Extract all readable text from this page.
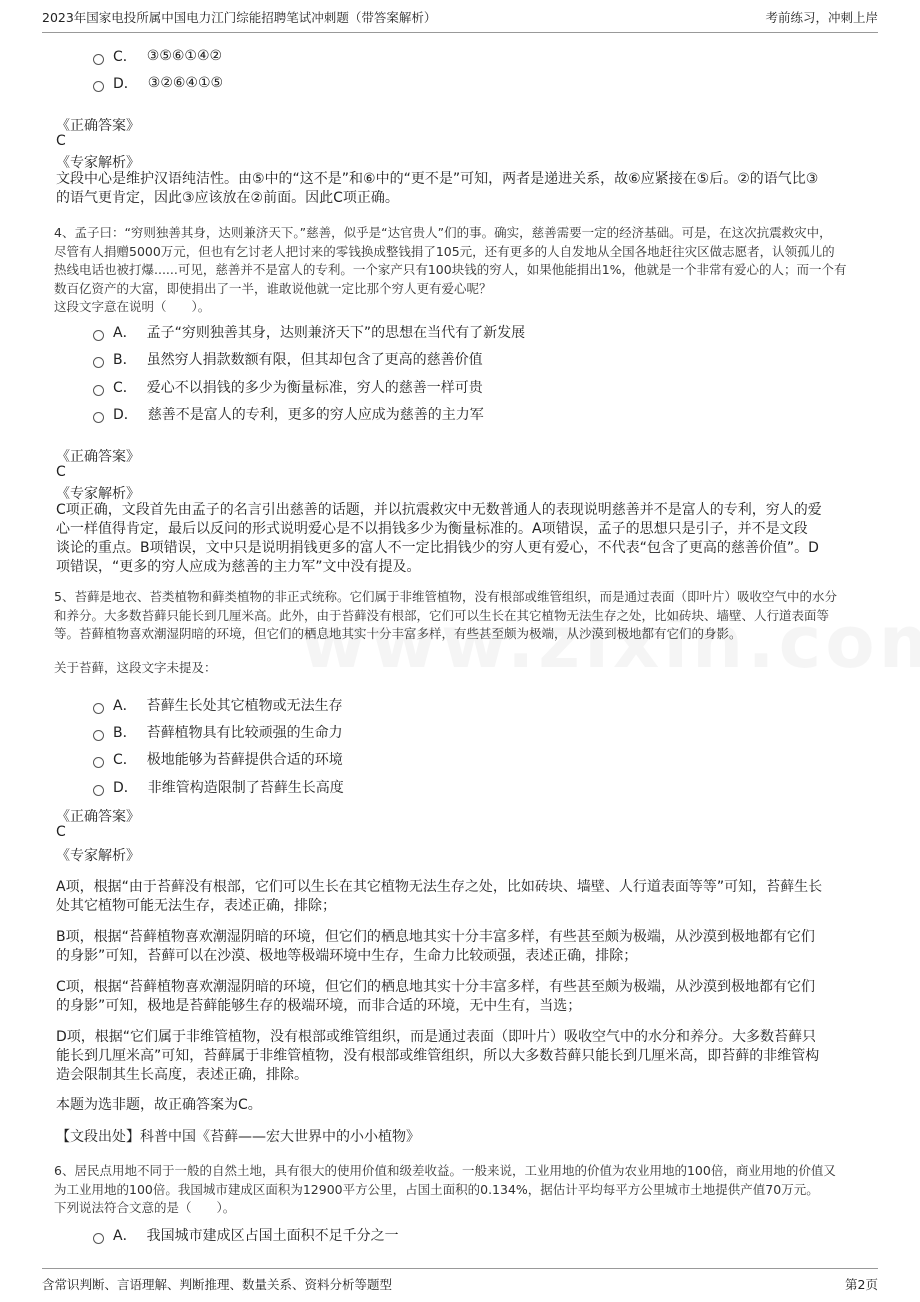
2023年国家电投所属中国电力江门综能招聘笔试冲刺题（带答案解析）	考前练习，冲刺上岸
C． ③⑤⑥①④②
D． ③②⑥④①⑤
《正确答案》
C
《专家解析》
文段中心是维护汉语纯洁性。由⑤中的“这不是”和⑥中的“更不是”可知，两者是递进关系，故⑥应紧接在⑤后。②的语气比③
的语气更肯定，因此③应该放在②前面。因此C项正确。
4、孟子曰：“穷则独善其身，达则兼济天下。”慈善，似乎是“达官贵人”们的事。确实，慈善需要一定的经济基础。可是，在这次抗震救灾中，
尽管有人捐赠5000万元，但也有乞讨老人把讨来的零钱换成整钱捐了105元，还有更多的人自发地从全国各地赶往灾区做志愿者，认领孤儿的
热线电话也被打爆......可见，慈善并不是富人的专利。一个家产只有100块钱的穷人，如果他能捐出1%，他就是一个非常有爱心的人；而一个有
数百亿资产的大富，即使捐出了一半，谁敢说他就一定比那个穷人更有爱心呢？
这段文字意在说明（　　）。
A． 孟子“穷则独善其身，达则兼济天下”的思想在当代有了新发展
B． 虽然穷人捐款数额有限，但其却包含了更高的慈善价值
C． 爱心不以捐钱的多少为衡量标准，穷人的慈善一样可贵
D． 慈善不是富人的专利，更多的穷人应成为慈善的主力军
《正确答案》
C
《专家解析》
C项正确，文段首先由孟子的名言引出慈善的话题，并以抗震救灾中无数普通人的表现说明慈善并不是富人的专利，穷人的爱
心一样值得肯定，最后以反问的形式说明爱心是不以捐钱多少为衡量标准的。A项错误，孟子的思想只是引子，并不是文段
谈论的重点。B项错误，文中只是说明捐钱更多的富人不一定比捐钱少的穷人更有爱心，不代表“包含了更高的慈善价值”。D
项错误，“更多的穷人应成为慈善的主力军”文中没有提及。
5、苔藓是地衣、苔类植物和藓类植物的非正式统称。它们属于非维管植物，没有根部或维管组织，而是通过表面（即叶片）吸收空气中的水分
和养分。大多数苔藓只能长到几厘米高。此外，由于苔藓没有根部，它们可以生长在其它植物无法生存之处，比如砖块、墙壁、人行道表面等
等。苔藓植物喜欢潮湿阴暗的环境，但它们的栖息地其实十分丰富多样，有些甚至颇为极端，从沙漠到极地都有它们的身影。
关于苔藓，这段文字未提及：
A． 苔藓生长处其它植物或无法生存
B． 苔藓植物具有比较顽强的生命力
C． 极地能够为苔藓提供合适的环境
D． 非维管构造限制了苔藓生长高度
《正确答案》
C
《专家解析》
A项，根据“由于苔藓没有根部，它们可以生长在其它植物无法生存之处，比如砖块、墙壁、人行道表面等等”可知，苔藓生长
处其它植物可能无法生存，表述正确，排除；
B项，根据“苔藓植物喜欢潮湿阴暗的环境，但它们的栖息地其实十分丰富多样，有些甚至颇为极端，从沙漠到极地都有它们
的身影”可知，苔藓可以在沙漠、极地等极端环境中生存，生命力比较顽强，表述正确，排除；
C项，根据“苔藓植物喜欢潮湿阴暗的环境，但它们的栖息地其实十分丰富多样，有些甚至颇为极端，从沙漠到极地都有它们
的身影”可知，极地是苔藓能够生存的极端环境，而非合适的环境，无中生有，当选；
D项，根据“它们属于非维管植物，没有根部或维管组织，而是通过表面（即叶片）吸收空气中的水分和养分。大多数苔藓只
能长到几厘米高”可知，苔藓属于非维管植物，没有根部或维管组织，所以大多数苔藓只能长到几厘米高，即苔藓的非维管构
造会限制其生长高度，表述正确，排除。
本题为选非题，故正确答案为C。
【文段出处】科普中国《苔藓——宏大世界中的小小植物》
6、居民点用地不同于一般的自然土地，具有很大的使用价值和级差收益。一般来说，工业用地的价值为农业用地的100倍，商业用地的价值又
为工业用地的100倍。我国城市建成区面积为12900平方公里，占国土面积的0.134%，据估计平均每平方公里城市土地提供产值70万元。
下列说法符合文意的是（　　）。
A． 我国城市建成区占国土面积不足千分之一
含常识判断、言语理解、判断推理、数量关系、资料分析等题型	第2页
